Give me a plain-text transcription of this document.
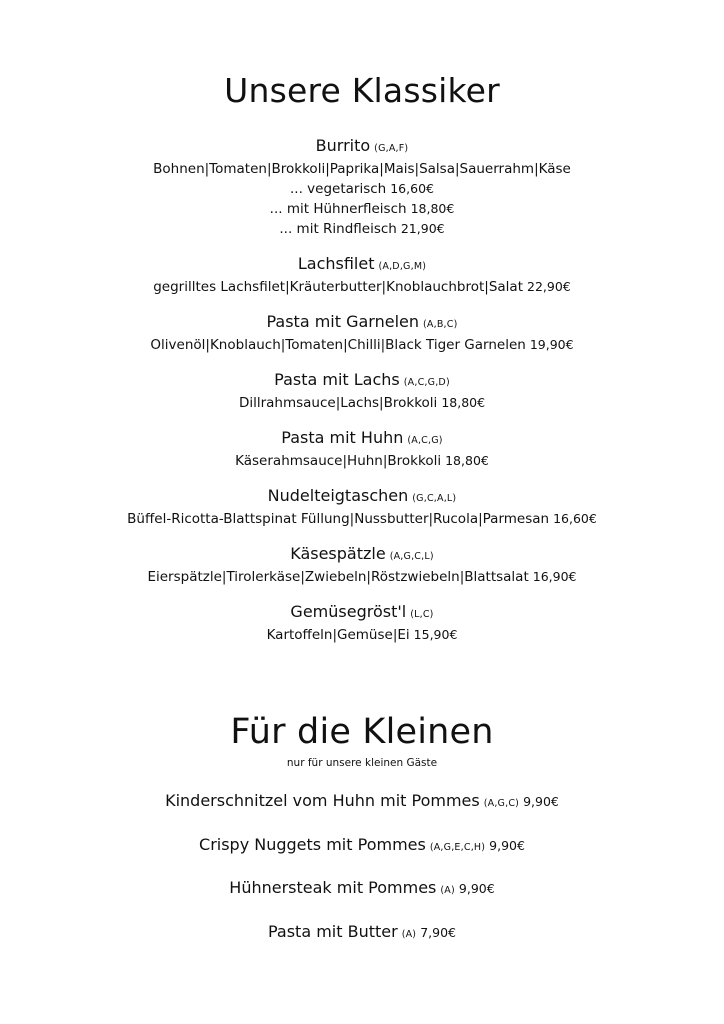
Unsere Klassiker
Burrito (G,A,F)
Bohnen|Tomaten|Brokkoli|Paprika|Mais|Salsa|Sauerrahm|Käse
... vegetarisch 16,60€
... mit Hühnerfleisch 18,80€
... mit Rindfleisch 21,90€
Lachsfilet (A,D,G,M)
gegrilltes Lachsfilet|Kräuterbutter|Knoblauchbrot|Salat 22,90€
Pasta mit Garnelen (A,B,C)
Olivenöl|Knoblauch|Tomaten|Chilli|Black Tiger Garnelen 19,90€
Pasta mit Lachs (A,C,G,D)
Dillrahmsauce|Lachs|Brokkoli 18,80€
Pasta mit Huhn (A,C,G)
Käserahmsauce|Huhn|Brokkoli 18,80€
Nudelteigtaschen (G,C,A,L)
Büffel-Ricotta-Blattspinat Füllung|Nussbutter|Rucola|Parmesan 16,60€
Käsespätzle (A,G,C,L)
Eierspätzle|Tirolerkäse|Zwiebeln|Röstzwiebeln|Blattsalat 16,90€
Gemüsegröst'l (L,C)
Kartoffeln|Gemüse|Ei 15,90€
Für die Kleinen
nur für unsere kleinen Gäste
Kinderschnitzel vom Huhn mit Pommes (A,G,C) 9,90€
Crispy Nuggets mit Pommes (A,G,E,C,H) 9,90€
Hühnersteak mit Pommes (A) 9,90€
Pasta mit Butter (A) 7,90€
